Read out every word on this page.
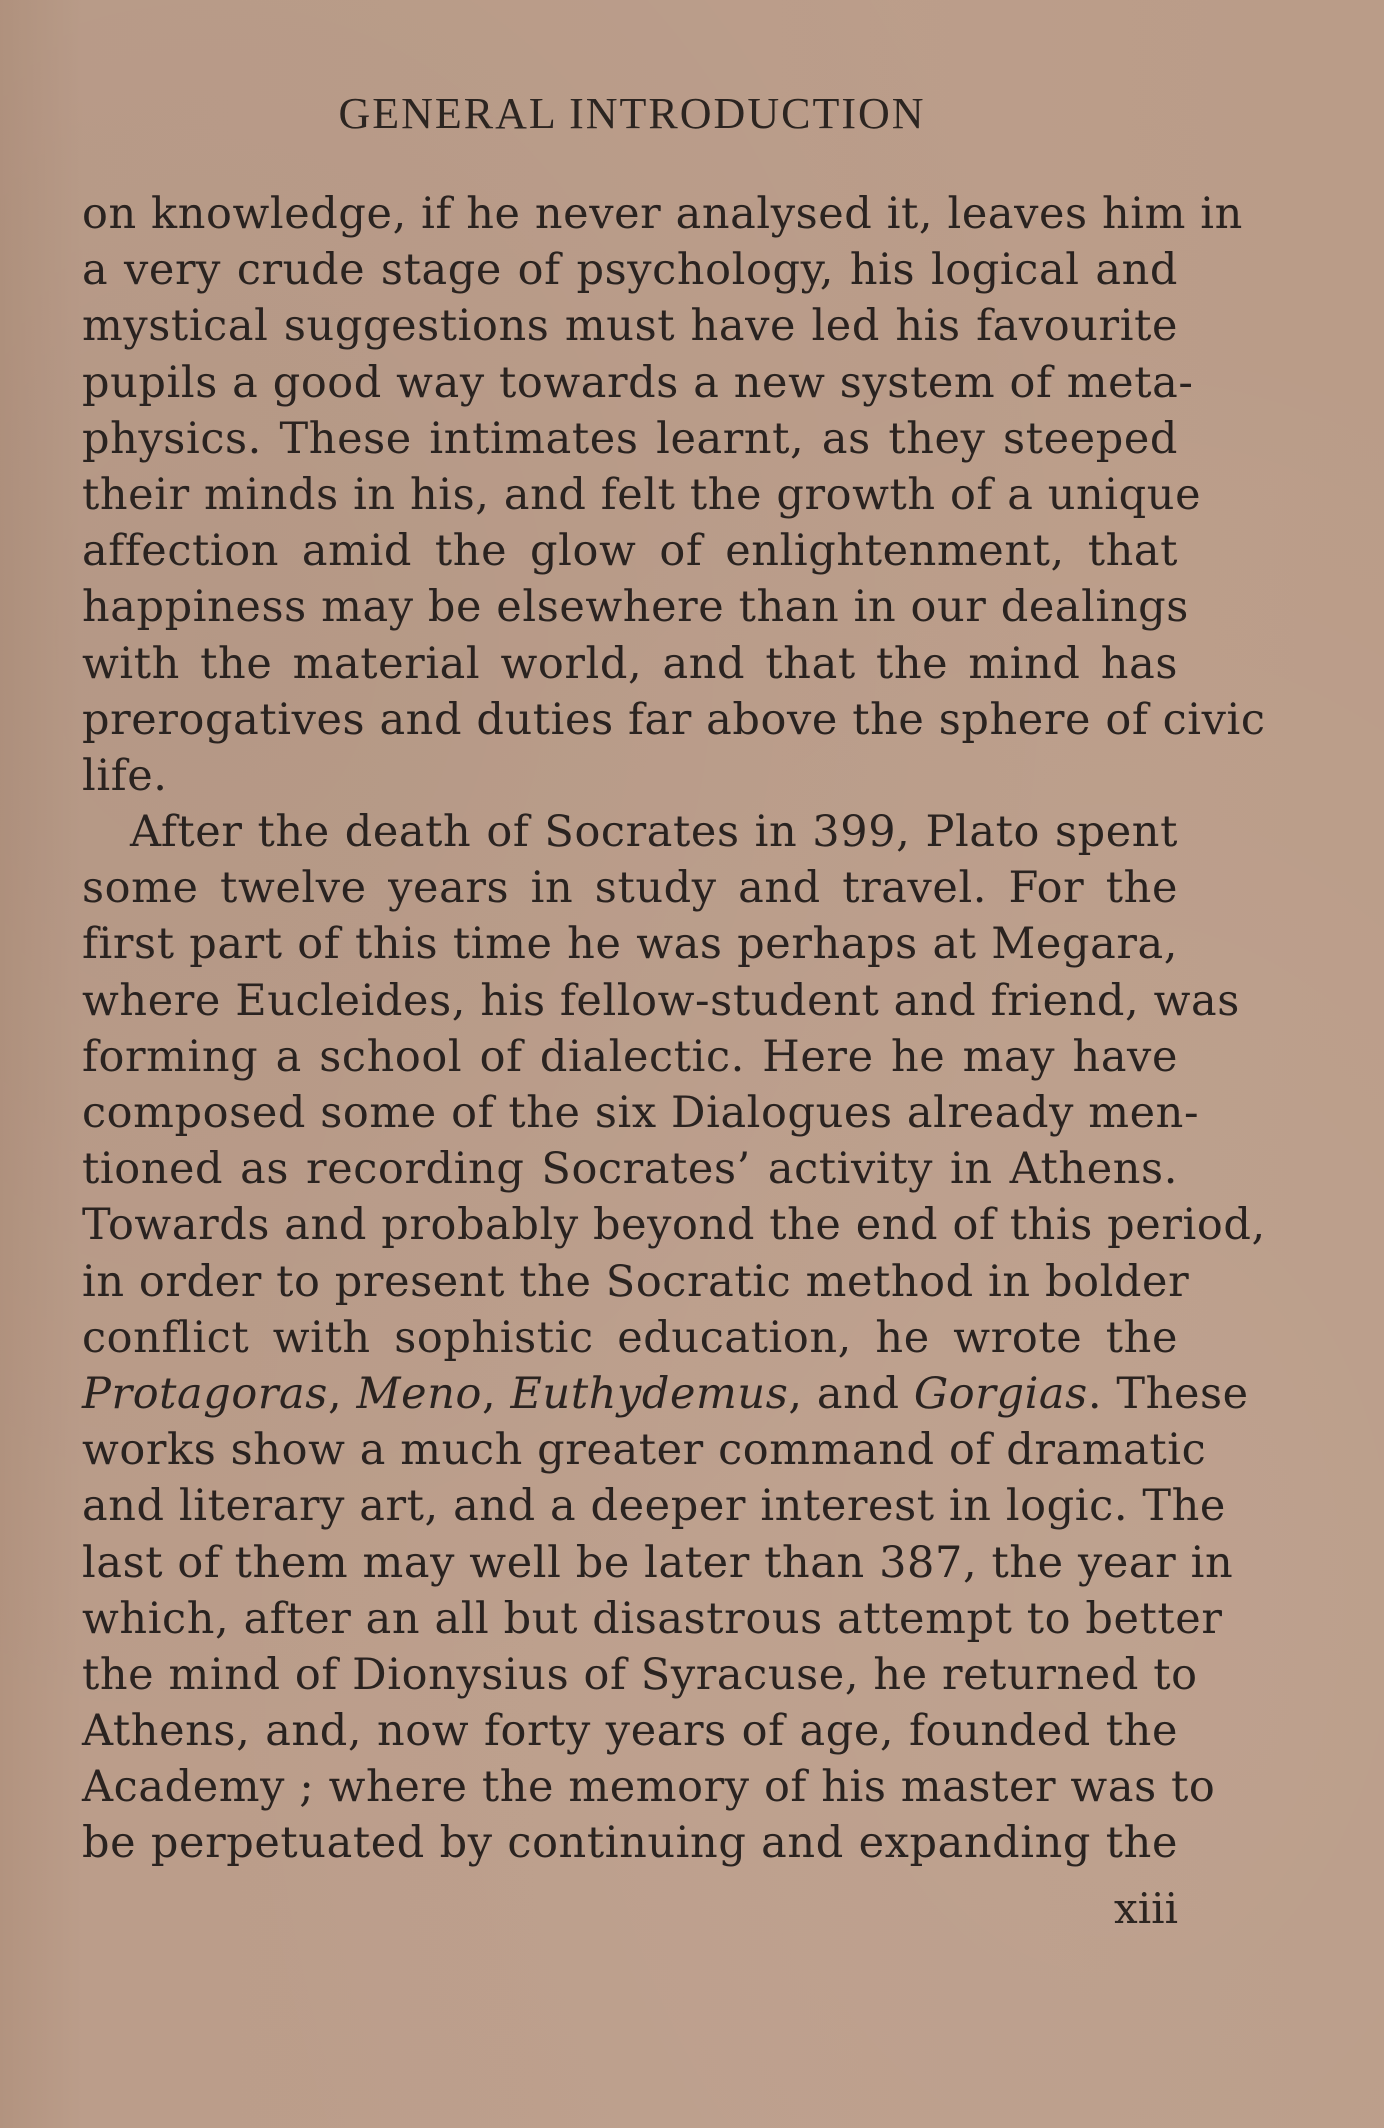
GENERAL INTRODUCTION
on knowledge, if he never analysed it, leaves him in
a very crude stage of psychology, his logical and
mystical suggestions must have led his favourite
pupils a good way towards a new system of meta-
physics. These intimates learnt, as they steeped
their minds in his, and felt the growth of a unique
affection amid the glow of enlightenment, that
happiness may be elsewhere than in our dealings
with the material world, and that the mind has
prerogatives and duties far above the sphere of civic
life.
After the death of Socrates in 399, Plato spent
some twelve years in study and travel. For the
first part of this time he was perhaps at Megara,
where Eucleides, his fellow-student and friend, was
forming a school of dialectic. Here he may have
composed some of the six Dialogues already men-
tioned as recording Socrates’ activity in Athens.
Towards and probably beyond the end of this period,
in order to present the Socratic method in bolder
conflict with sophistic education, he wrote the
Protagoras, Meno, Euthydemus, and Gorgias. These
works show a much greater command of dramatic
and literary art, and a deeper interest in logic. The
last of them may well be later than 387, the year in
which, after an all but disastrous attempt to better
the mind of Dionysius of Syracuse, he returned to
Athens, and, now forty years of age, founded the
Academy ; where the memory of his master was to
be perpetuated by continuing and expanding the
xiii
